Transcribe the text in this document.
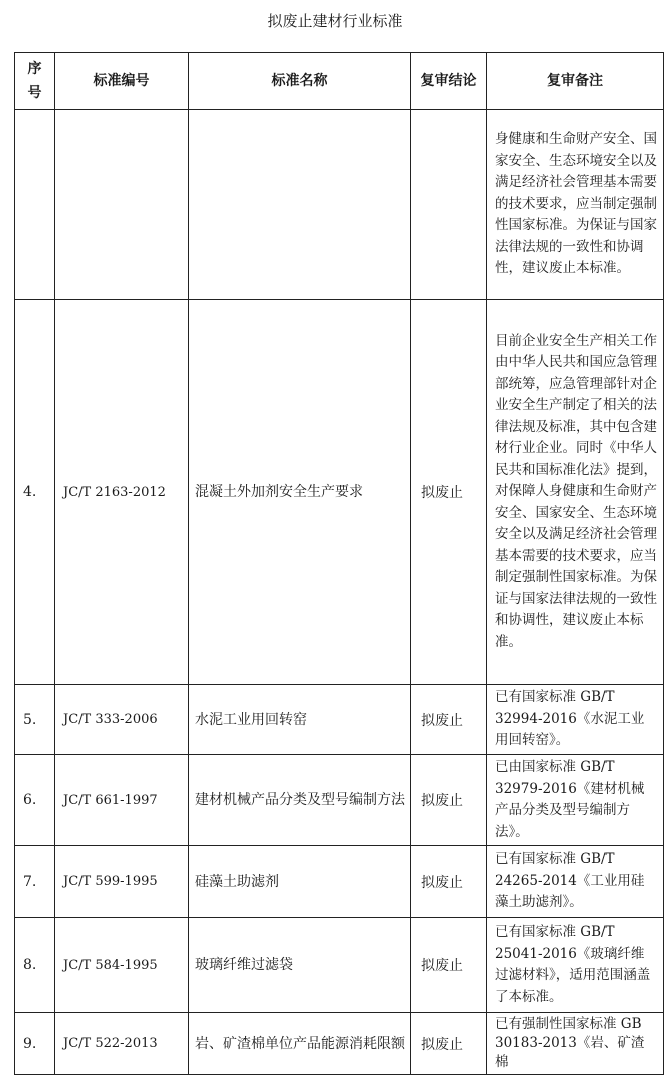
拟废止建材行业标准
序号	标准编号	标准名称	复审结论	复审备注
				身健康和生命财产安全、国家安全、生态环境安全以及满足经济社会管理基本需要的技术要求，应当制定强制性国家标准。为保证与国家法律法规的一致性和协调性，建议废止本标准。
4.	JC/T 2163-2012	混凝土外加剂安全生产要求	拟废止	目前企业安全生产相关工作由中华人民共和国应急管理部统筹，应急管理部针对企业安全生产制定了相关的法律法规及标准，其中包含建材行业企业。同时《中华人民共和国标准化法》提到，对保障人身健康和生命财产安全、国家安全、生态环境安全以及满足经济社会管理基本需要的技术要求，应当制定强制性国家标准。为保证与国家法律法规的一致性和协调性，建议废止本标准。
5.	JC/T 333-2006	水泥工业用回转窑	拟废止	已有国家标准 GB/T 32994-2016《水泥工业用回转窑》。
6.	JC/T 661-1997	建材机械产品分类及型号编制方法	拟废止	已由国家标准 GB/T 32979-2016《建材机械产品分类及型号编制方法》。
7.	JC/T 599-1995	硅藻土助滤剂	拟废止	已有国家标准 GB/T 24265-2014《工业用硅藻土助滤剂》。
8.	JC/T 584-1995	玻璃纤维过滤袋	拟废止	已有国家标准 GB/T 25041-2016《玻璃纤维过滤材料》，适用范围涵盖了本标准。
9.	JC/T 522-2013	岩、矿渣棉单位产品能源消耗限额	拟废止	已有强制性国家标准 GB 30183-2013《岩、矿渣棉
